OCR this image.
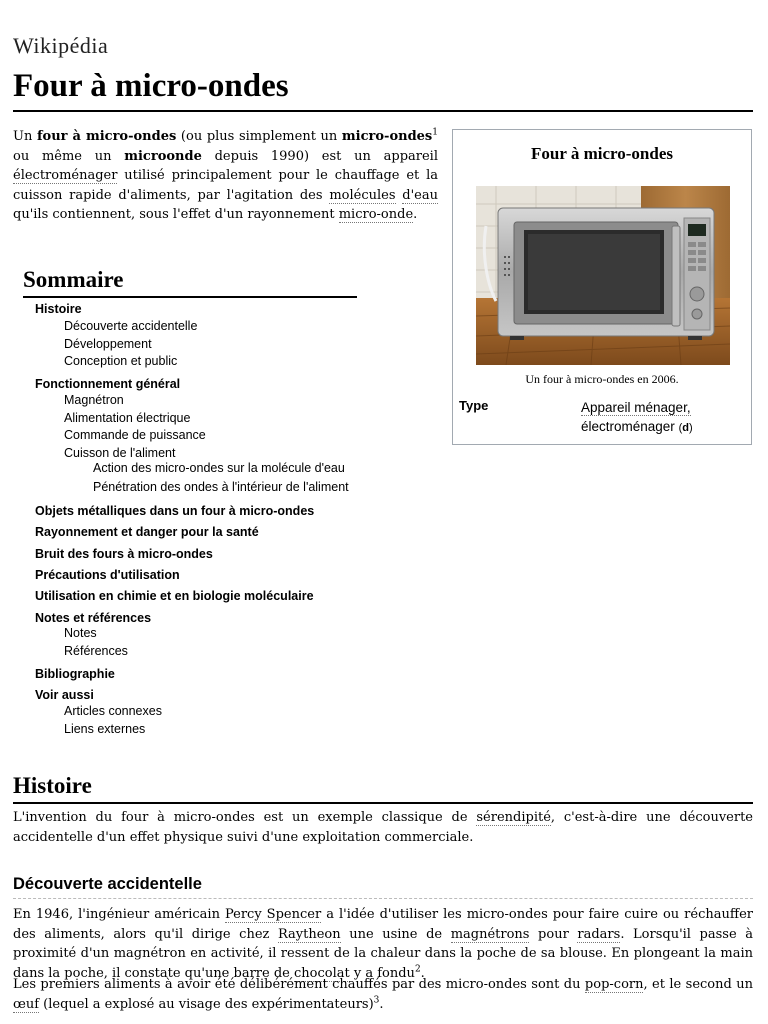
Wikipédia
Four à micro-ondes

Un four à micro-ondes (ou plus simplement un micro-ondes$^1$ ou même un microonde depuis 1990) est un appareil électroménager utilisé principalement pour le chauffage et la cuisson rapide d'aliments, par l'agitation des molécules d'eau qu'ils contiennent, sous l'effet d'un rayonnement micro-onde.

Four à micro-ondes
Un four à micro-ondes en 2006.
Type	Appareil ménager,
électroménager (d)
Sommaire
Histoire
Découverte accidentelle
Développement
Conception et public
Fonctionnement général
Magnétron
Alimentation électrique
Commande de puissance
Cuisson de l'aliment
Action des micro-ondes sur la molécule d'eau
Pénétration des ondes à l'intérieur de l'aliment
Objets métalliques dans un four à micro-ondes
Rayonnement et danger pour la santé
Bruit des fours à micro-ondes
Précautions d'utilisation
Utilisation en chimie et en biologie moléculaire
Notes et références
Notes
Références
Bibliographie
Voir aussi
Articles connexes
Liens externes
Histoire

L'invention du four à micro-ondes est un exemple classique de sérendipité, c'est-à-dire une découverte accidentelle d'un effet physique suivi d'une exploitation commerciale.

Découverte accidentelle

En 1946, l'ingénieur américain Percy Spencer a l'idée d'utiliser les micro-ondes pour faire cuire ou réchauffer des aliments, alors qu'il dirige chez Raytheon une usine de magnétrons pour radars. Lorsqu'il passe à proximité d'un magnétron en activité, il ressent de la chaleur dans la poche de sa blouse. En plongeant la main dans la poche, il constate qu'une barre de chocolat y a fondu$^2$.

Les premiers aliments à avoir été délibérément chauffés par des micro-ondes sont du pop-corn, et le second un œuf (lequel a explosé au visage des expérimentateurs)$^3$.
